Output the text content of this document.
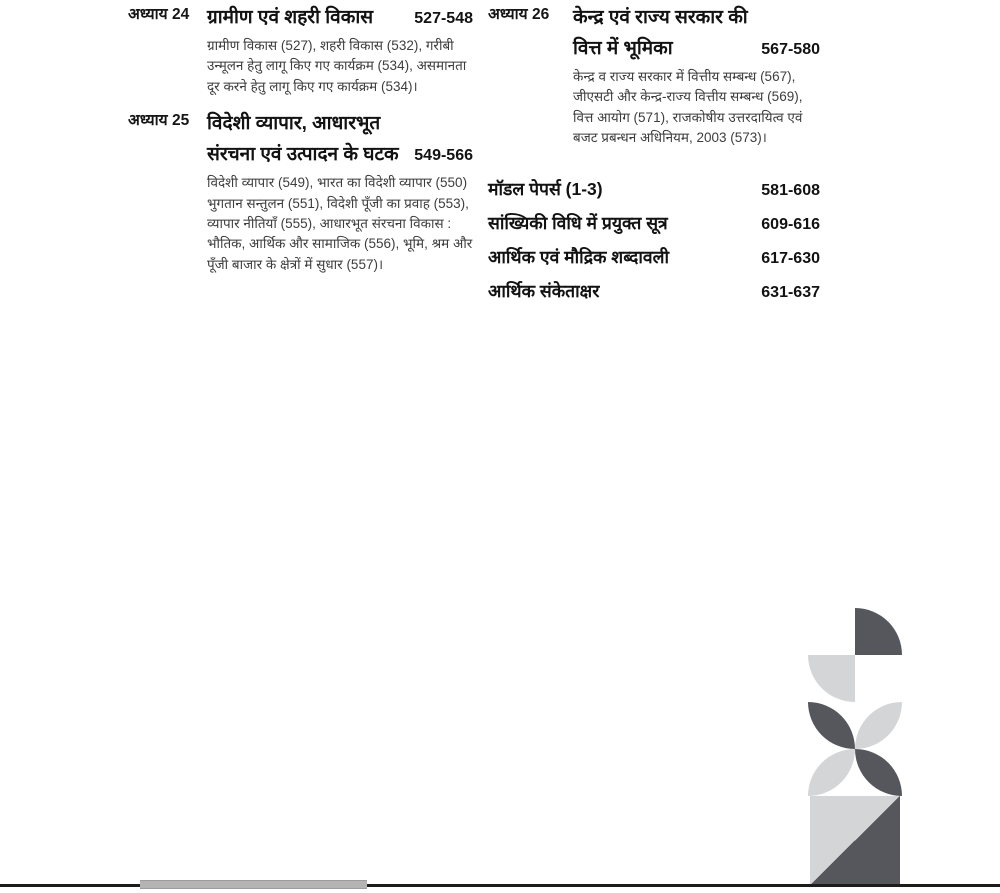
अध्याय 24 ग्रामीण एवं शहरी विकास	527-548
ग्रामीण विकास (527), शहरी विकास (532), गरीबी उन्मूलन हेतु लागू किए गए कार्यक्रम (534), असमानता दूर करने हेतु लागू किए गए कार्यक्रम (534)।
अध्याय 25 विदेशी व्यापार, आधारभूत संरचना एवं उत्पादन के घटक 549-566
विदेशी व्यापार (549), भारत का विदेशी व्यापार (550) भुगतान सन्तुलन (551), विदेशी पूँजी का प्रवाह (553), व्यापार नीतियाँ (555), आधारभूत संरचना विकास : भौतिक, आर्थिक और सामाजिक (556), भूमि, श्रम और पूँजी बाजार के क्षेत्रों में सुधार (557)।
अध्याय 26	केन्द्र एवं राज्य सरकार की वित्त में भूमिका	567-580
केन्द्र व राज्य सरकार में वित्तीय सम्बन्ध (567), जीएसटी और केन्द्र-राज्य वित्तीय सम्बन्ध (569), वित्त आयोग (571), राजकोषीय उत्तरदायित्व एवं बजट प्रबन्धन अधिनियम, 2003 (573)।
मॉडल पेपर्स (1-3)	581-608
सांख्यिकी विधि में प्रयुक्त सूत्र	609-616
आर्थिक एवं मौद्रिक शब्दावली	617-630
आर्थिक संकेताक्षर	631-637
